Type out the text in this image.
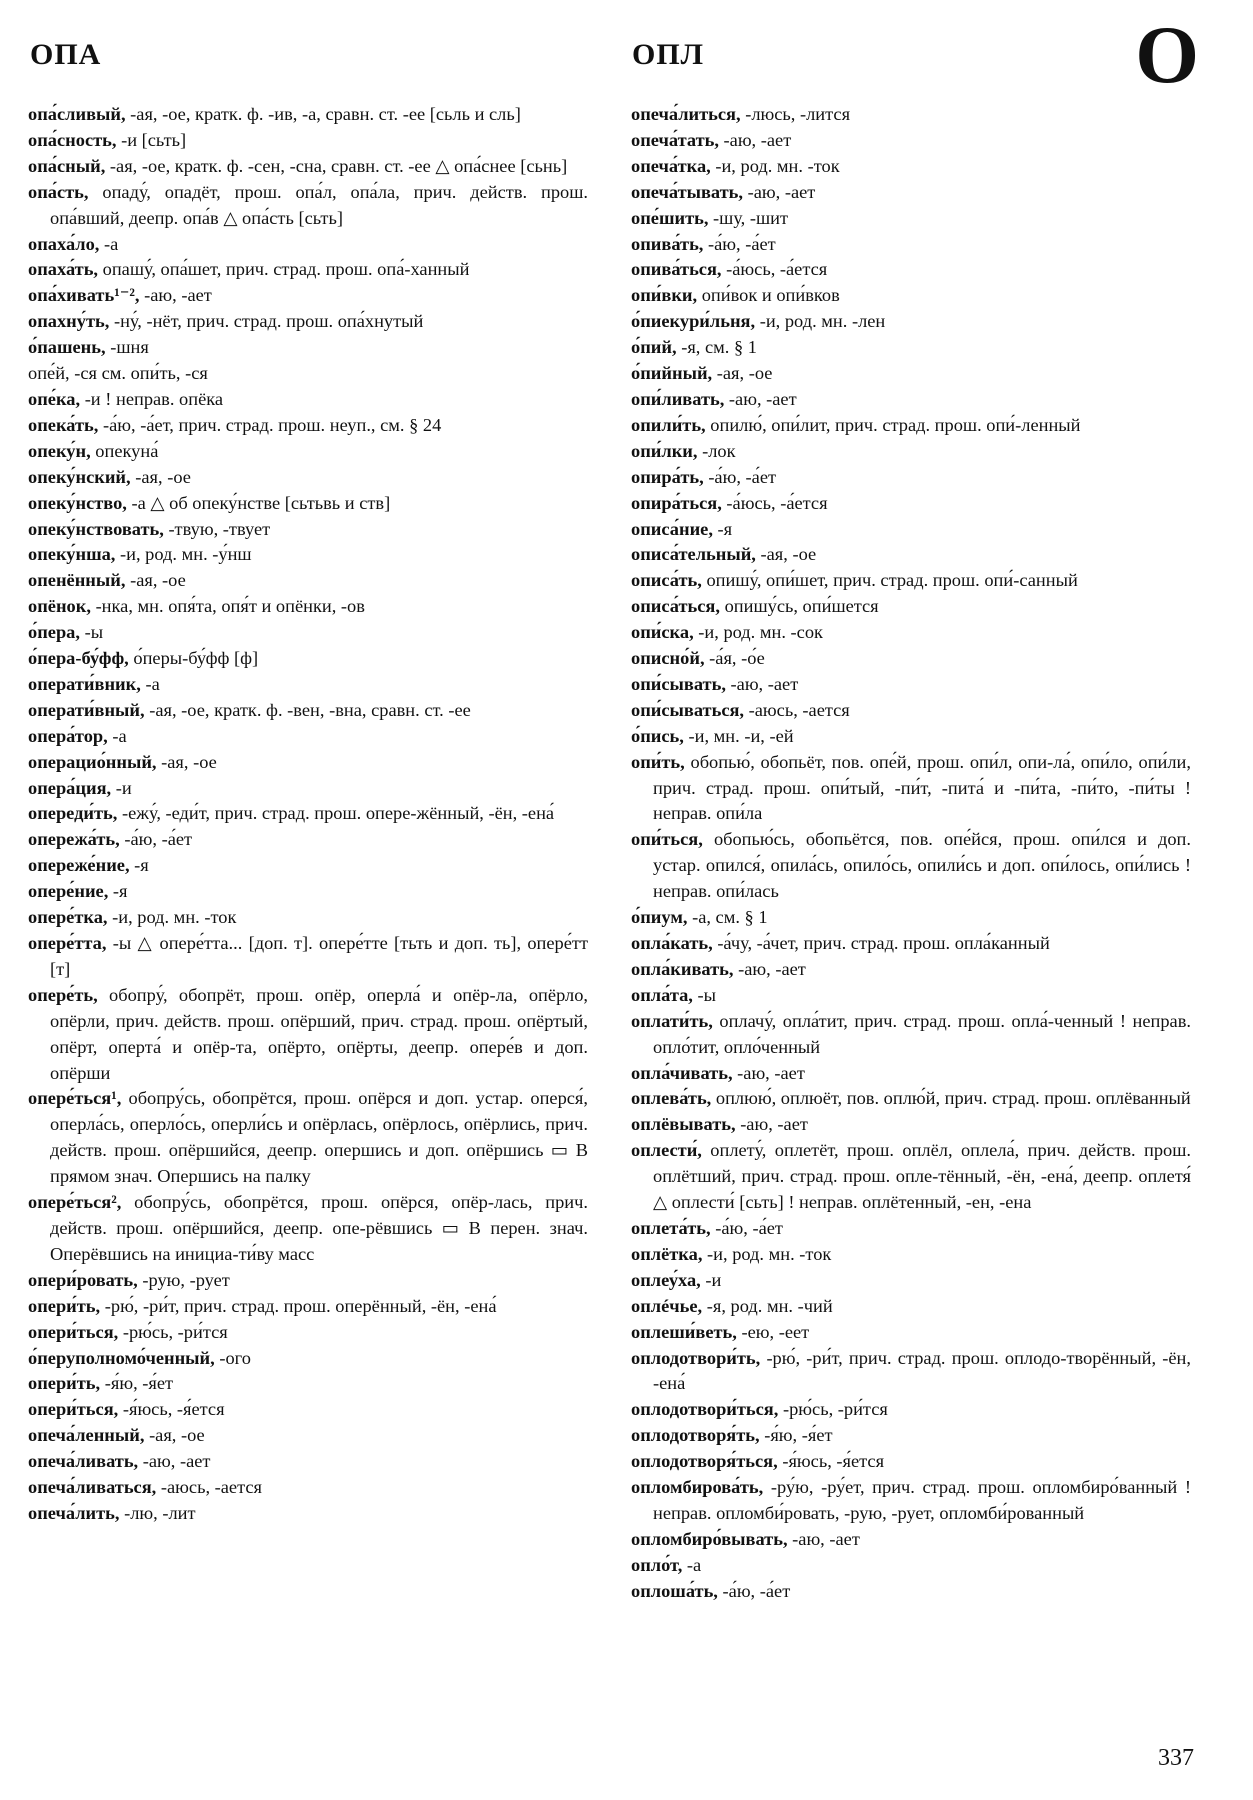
ОПА	ОПЛ	О
опа́сливый, -ая, -ое, кратк. ф. -ив, -а, сравн. ст. -ее [сьль и сль]
опа́сность, -и [сьть]
опа́сный, -ая, -ое, кратк. ф. -сен, -сна, сравн. ст. -ее △ опа́снее [сьнь]
опа́сть, опаду́, опадёт, прош. опа́л, опа́ла, прич. действ. прош. опа́вший, деепр. опа́в △ опа́сть [сьть]
опаха́ло, -а
опаха́ть, опашу́, опа́шет, прич. страд. прош. опа́-ханный
опа́хивать¹⁻², -аю, -ает
опахну́ть, -ну́, -нёт, прич. страд. прош. опа́хнутый
о́пашень, -шня
опе́й, -ся см. опи́ть, -ся
опе́ка, -и ! неправ. опёка
опека́ть, -а́ю, -а́ет, прич. страд. прош. неуп., см. § 24
опеку́н, опекуна́
опеку́нский, -ая, -ое
опеку́нство, -а △ об опеку́нстве [сьтьвь и ств]
опеку́нствовать, -твую, -твует
опеку́нша, -и, род. мн. -у́нш
опенённый, -ая, -ое
опёнок, -нка, мн. опя́та, опя́т и опёнки, -ов
о́пера, -ы
о́пера-бу́фф, о́перы-бу́фф [ф]
операти́вник, -а
операти́вный, -ая, -ое, кратк. ф. -вен, -вна, сравн. ст. -ее
опера́тор, -а
операцио́нный, -ая, -ое
опера́ция, -и
опереди́ть, -ежу́, -еди́т, прич. страд. прош. опере-жённый, -ён, -ена́
опережа́ть, -а́ю, -а́ет
опереже́ние, -я
опере́ние, -я
опере́тка, -и, род. мн. -ток
опере́тта, -ы △ опере́тта... [доп. т]. опере́тте [тьть и доп. ть], опере́тт [т]
опере́ть, обопру́, обопрёт, прош. опёр, оперла́ и опёр-ла, опёрло, опёрли, прич. действ. прош. опёрший, прич. страд. прош. опёртый, опёрт, оперта́ и опёр-та, опёрто, опёрты, деепр. опере́в и доп. опёрши
опере́ться¹, обопру́сь, обопрётся, прош. опёрся и доп. устар. оперся́, оперла́сь, оперло́сь, оперли́сь и опёрлась, опёрлось, опёрлись, прич. действ. прош. опёршийся, деепр. опершись и доп. опёршись ▭ В прямом знач. Опершись на палку
опере́ться², обопру́сь, обопрётся, прош. опёрся, опёр-лась, прич. действ. прош. опёршийся, деепр. опе-рёвшись ▭ В перен. знач. Оперёвшись на инициа-ти́ву масс
опери́ровать, -рую, -рует
опери́ть, -рю́, -ри́т, прич. страд. прош. оперённый, -ён, -ена́
опери́ться, -рю́сь, -ри́тся
о́перуполномо́ченный, -ого
опери́ть, -я́ю, -я́ет
опери́ться, -я́юсь, -я́ется
опеча́ленный, -ая, -ое
опеча́ливать, -аю, -ает
опеча́ливаться, -аюсь, -ается
опеча́лить, -лю, -лит
опеча́литься, -люсь, -лится
опеча́тать, -аю, -ает
опеча́тка, -и, род. мн. -ток
опеча́тывать, -аю, -ает
опе́шить, -шу, -шит
опива́ть, -а́ю, -а́ет
опива́ться, -а́юсь, -а́ется
опи́вки, опи́вок и опи́вков
о́пиекури́льня, -и, род. мн. -лен
о́пий, -я, см. § 1
о́пийный, -ая, -ое
опи́ливать, -аю, -ает
опили́ть, опилю́, опи́лит, прич. страд. прош. опи́-ленный
опи́лки, -лок
опира́ть, -а́ю, -а́ет
опира́ться, -а́юсь, -а́ется
описа́ние, -я
описа́тельный, -ая, -ое
описа́ть, опишу́, опи́шет, прич. страд. прош. опи́-санный
описа́ться, опишу́сь, опи́шется
опи́ска, -и, род. мн. -сок
описно́й, -а́я, -о́е
опи́сывать, -аю, -ает
опи́сываться, -аюсь, -ается
о́пись, -и, мн. -и, -ей
опи́ть, обопью́, обопьёт, пов. опе́й, прош. опи́л, опи-ла́, опи́ло, опи́ли, прич. страд. прош. опи́тый, -пи́т, -пита́ и -пи́та, -пи́то, -пи́ты ! неправ. опи́ла
опи́ться, обопью́сь, обопьётся, пов. опе́йся, прош. опи́лся и доп. устар. опился́, опила́сь, опило́сь, опили́сь и доп. опи́лось, опи́лись ! неправ. опи́лась
о́пиум, -а, см. § 1
опла́кать, -а́чу, -а́чет, прич. страд. прош. опла́канный
опла́кивать, -аю, -ает
опла́та, -ы
оплати́ть, оплачу́, опла́тит, прич. страд. прош. опла́-ченный ! неправ. опло́тит, опло́ченный
опла́чивать, -аю, -ает
оплева́ть, оплюю́, оплюёт, пов. оплю́й, прич. страд. прош. оплёванный
оплёвывать, -аю, -ает
оплести́, оплету́, оплетёт, прош. оплёл, оплела́, прич. действ. прош. оплётший, прич. страд. прош. опле-тённый, -ён, -ена́, деепр. оплетя́ △ оплести́ [сьть] ! неправ. оплётенный, -ен, -ена
оплета́ть, -а́ю, -а́ет
оплётка, -и, род. мн. -ток
оплеу́ха, -и
оплéчье, -я, род. мн. -чий
оплеши́веть, -ею, -еет
оплодотвори́ть, -рю́, -ри́т, прич. страд. прош. оплодо-творённый, -ён, -ена́
оплодотвори́ться, -рю́сь, -ри́тся
оплодотворя́ть, -я́ю, -я́ет
оплодотворя́ться, -я́юсь, -я́ется
опломбирова́ть, -ру́ю, -ру́ет, прич. страд. прош. опломбиро́ванный ! неправ. опломби́ровать, -рую, -рует, опломби́рованный
опломбиро́вывать, -аю, -ает
опло́т, -а
оплоша́ть, -а́ю, -а́ет
337
